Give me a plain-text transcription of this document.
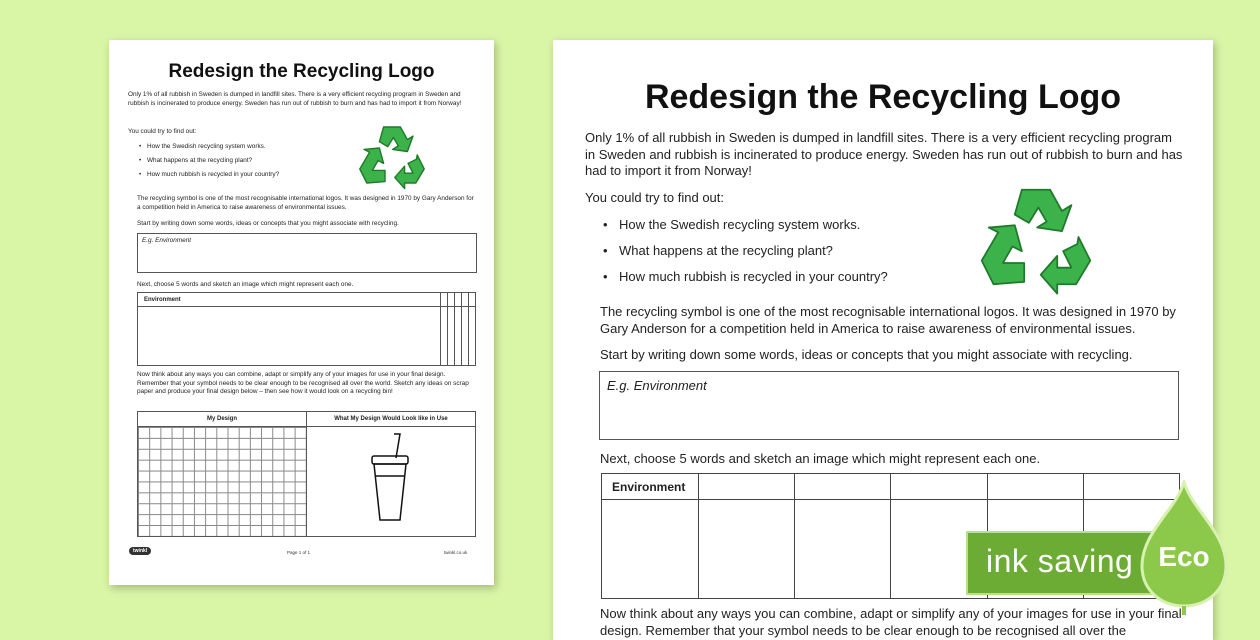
Redesign the Recycling Logo
Only 1% of all rubbish in Sweden is dumped in landfill sites. There is a very efficient recycling program in Sweden and rubbish is incinerated to produce energy. Sweden has run out of rubbish to burn and has had to import it from Norway!
You could try to find out:
• How the Swedish recycling system works.
• What happens at the recycling plant?
• How much rubbish is recycled in your country?
The recycling symbol is one of the most recognisable international logos. It was designed in 1970 by Gary Anderson for a competition held in America to raise awareness of environmental issues.
Start by writing down some words, ideas or concepts that you might associate with recycling.
E.g. Environment
Next, choose 5 words and sketch an image which might represent each one.
Environment					

Now think about any ways you can combine, adapt or simplify any of your images for use in your final design. Remember that your symbol needs to be clear enough to be recognised all over the world. Sketch any ideas on scrap paper and produce your final design below – then see how it would look on a recycling bin!
My Design	What My Design Would Look like in Use
twinkl	Page 1 of 1	twinkl.co.uk
Redesign the Recycling Logo
Only 1% of all rubbish in Sweden is dumped in landfill sites. There is a very efficient recycling program in Sweden and rubbish is incinerated to produce energy. Sweden has run out of rubbish to burn and has had to import it from Norway!
You could try to find out:
• How the Swedish recycling system works.
• What happens at the recycling plant?
• How much rubbish is recycled in your country?
The recycling symbol is one of the most recognisable international logos. It was designed in 1970 by Gary Anderson for a competition held in America to raise awareness of environmental issues.
Start by writing down some words, ideas or concepts that you might associate with recycling.
E.g. Environment
Next, choose 5 words and sketch an image which might represent each one.
Environment					

Now think about any ways you can combine, adapt or simplify any of your images for use in your final design. Remember that your symbol needs to be clear enough to be recognised all over the
ink saving Eco
